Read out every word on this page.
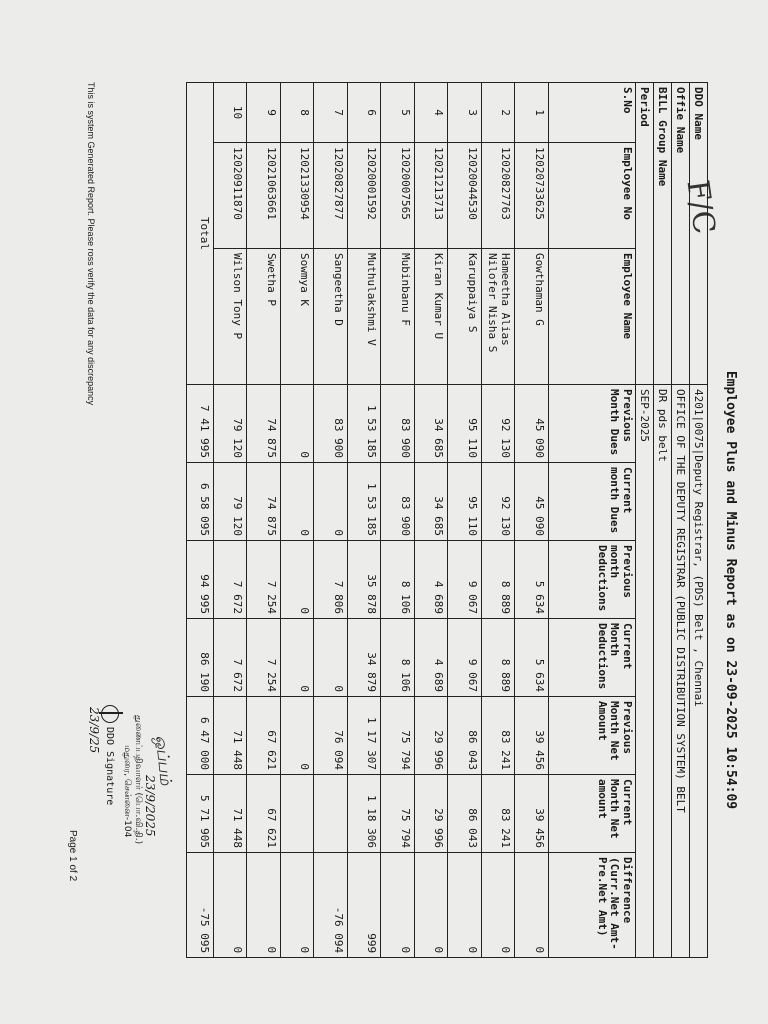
Employee Plus and Minus Report as on 23-09-2025 10:54:09
F/C
DDO Name			4201|0075|Deputy Registrar, (PDS) Belt , Chennai						
Offie Name			OFFICE OF THE DEPUTY REGISTRAR (PUBLIC DISTRIBUTION SYSTEM) BELT						
BILL Group Name			DR pds belt						
Period			SEP-2025						
S.No	Employee No	Employee Name	Previous Month Dues	Current month Dues	Previous month Deductions	Current Month Deductions	Previous Month Net Amount	Current Month Net amount	Difference (Curr.Net Amt-Pre.Net Amt)
1	12020733625	Gowthaman G	45 090	45 090	5 634	5 634	39 456	39 456	0
2	12020827763	Hameetha Alias Nilofer Nisha S	92 130	92 130	8 889	8 889	83 241	83 241	0
3	12020044530	Karuppaiya S	95 110	95 110	9 067	9 067	86 043	86 043	0
4	12021213713	Kiran Kumar U	34 685	34 685	4 689	4 689	29 996	29 996	0
5	12020007565	Mubinbanu F	83 900	83 900	8 106	8 106	75 794	75 794	0
6	12020001592	Muthulakshmi V	1 53 185	1 53 185	35 878	34 879	1 17 307	1 18 306	999
7	12020827877	Sangeetha D	83 900	0	7 806	0	76 094		-76 094
8	12021330954	Sowmya K	0	0	0	0	0		0
9	12021063661	Swetha P	74 875	74 875	7 254	7 254	67 621	67 621	0
10	12020911870	Wilson Tony P	79 120	79 120	7 672	7 672	71 448	71 448	0
Total			7 41 995	6 58 095	94 995	86 190	6 47 000	5 71 905	-75 095
This is system Generated Report. Please ross verify the data for any discrepancy
ஒப்பம்
23/9/2025
துணைப்பதிவாளர் (பொ.வி.தி.)
மதுரை, சென்னை-104
DDO Signature
23/9/25
Page 1 of 2
